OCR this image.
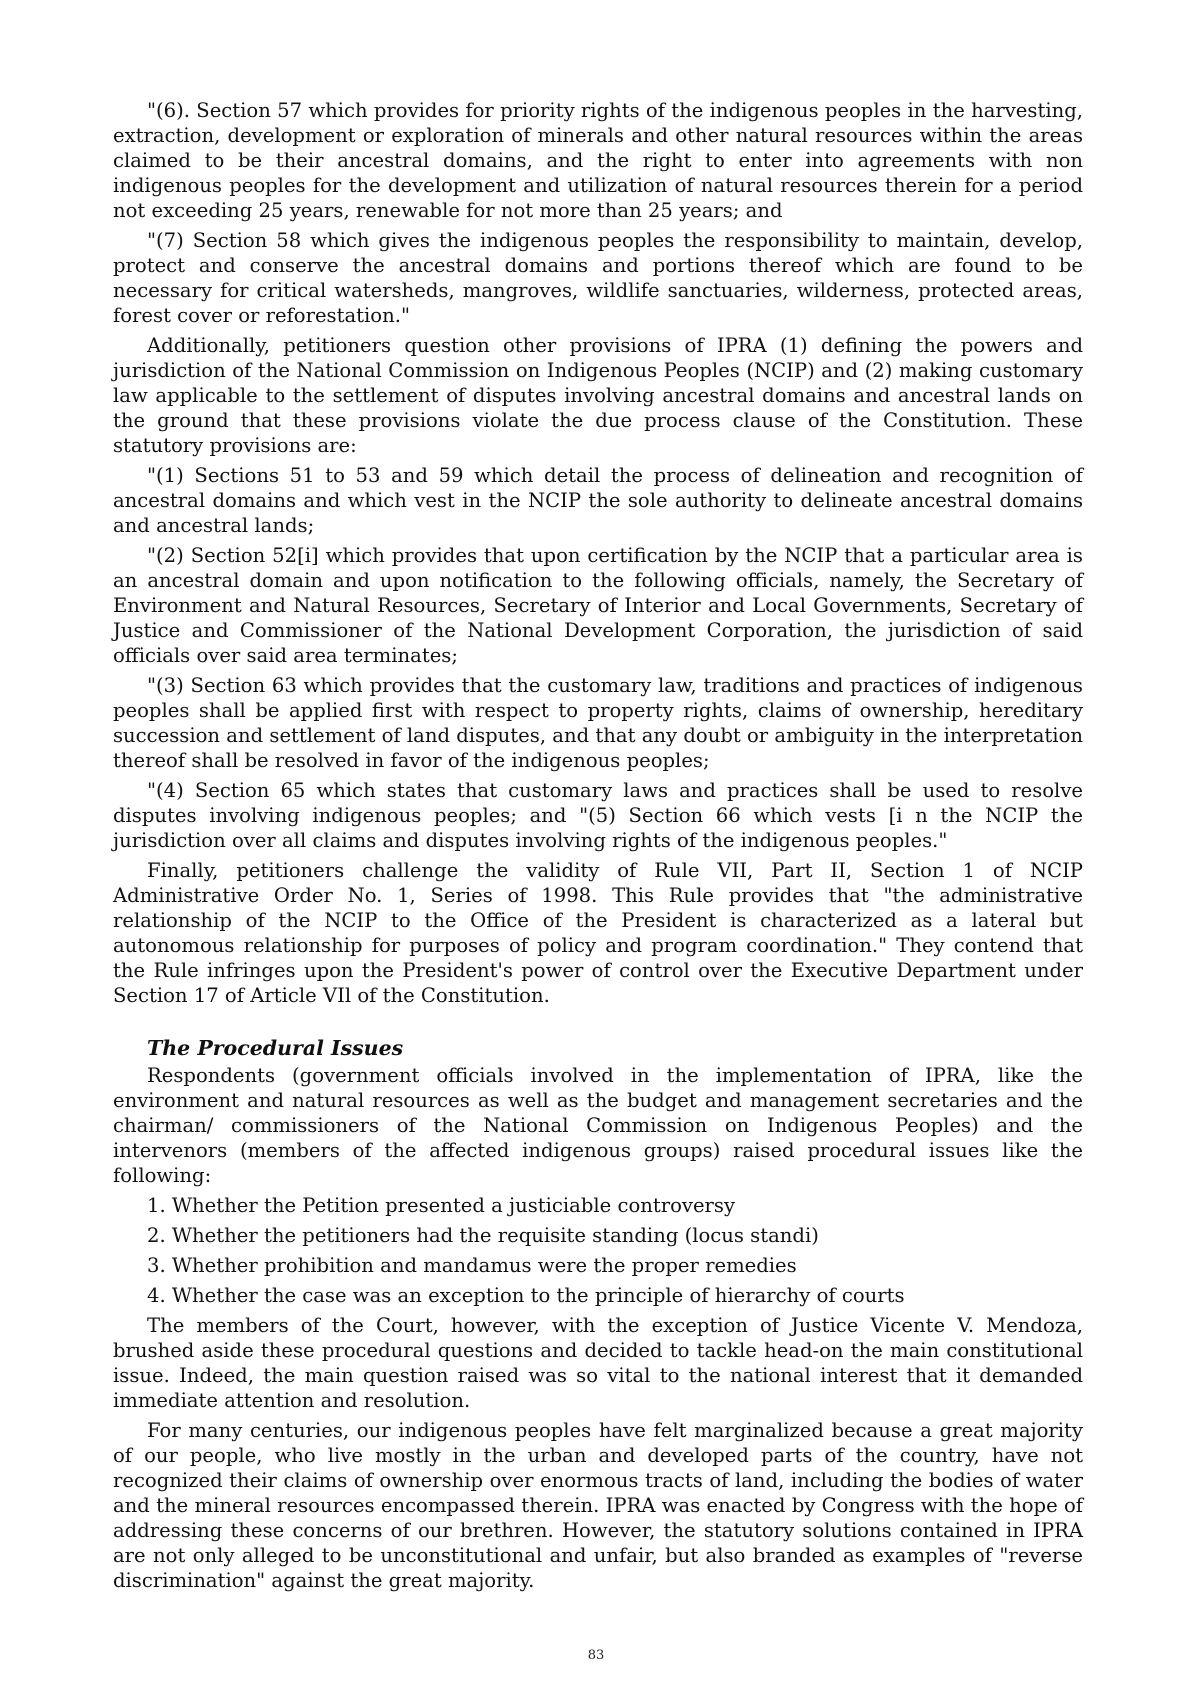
"(6). Section 57 which provides for priority rights of the indigenous peoples in the harvesting, extraction, development or exploration of minerals and other natural resources within the areas claimed to be their ancestral domains, and the right to enter into agreements with non indigenous peoples for the development and utilization of natural resources therein for a period not exceeding 25 years, renewable for not more than 25 years; and

"(7) Section 58 which gives the indigenous peoples the responsibility to maintain, develop, protect and conserve the ancestral domains and portions thereof which are found to be necessary for critical watersheds, mangroves, wildlife sanctuaries, wilderness, protected areas, forest cover or reforestation."

Additionally, petitioners question other provisions of IPRA (1) defining the powers and jurisdiction of the National Commission on Indigenous Peoples (NCIP) and (2) making customary law applicable to the settlement of disputes involving ancestral domains and ancestral lands on the ground that these provisions violate the due process clause of the Constitution. These statutory provisions are:

"(1) Sections 51 to 53 and 59 which detail the process of delineation and recognition of ancestral domains and which vest in the NCIP the sole authority to delineate ancestral domains and ancestral lands;

"(2) Section 52[i] which provides that upon certification by the NCIP that a particular area is an ancestral domain and upon notification to the following officials, namely, the Secretary of Environment and Natural Resources, Secretary of Interior and Local Governments, Secretary of Justice and Commissioner of the National Development Corporation, the jurisdiction of said officials over said area terminates;

"(3) Section 63 which provides that the customary law, traditions and practices of indigenous peoples shall be applied first with respect to property rights, claims of ownership, hereditary succession and settlement of land disputes, and that any doubt or ambiguity in the interpretation thereof shall be resolved in favor of the indigenous peoples;

"(4) Section 65 which states that customary laws and practices shall be used to resolve disputes involving indigenous peoples; and "(5) Section 66 which vests [i n the NCIP the jurisdiction over all claims and disputes involving rights of the indigenous peoples."

Finally, petitioners challenge the validity of Rule VII, Part II, Section 1 of NCIP Administrative Order No. 1, Series of 1998. This Rule provides that "the administrative relationship of the NCIP to the Office of the President is characterized as a lateral but autonomous relationship for purposes of policy and program coordination." They contend that the Rule infringes upon the President's power of control over the Executive Department under Section 17 of Article VIl of the Constitution.

The Procedural Issues

Respondents (government officials involved in the implementation of IPRA, like the environment and natural resources as well as the budget and management secretaries and the chairman/ commissioners of the National Commission on Indigenous Peoples) and the intervenors (members of the affected indigenous groups) raised procedural issues like the following:

1. Whether the Petition presented a justiciable controversy
2. Whether the petitioners had the requisite standing (locus standi)
3. Whether prohibition and mandamus were the proper remedies
4. Whether the case was an exception to the principle of hierarchy of courts

The members of the Court, however, with the exception of Justice Vicente V. Mendoza, brushed aside these procedural questions and decided to tackle head-on the main constitutional issue. Indeed, the main question raised was so vital to the national interest that it demanded immediate attention and resolution.

For many centuries, our indigenous peoples have felt marginalized because a great majority of our people, who live mostly in the urban and developed parts of the country, have not recognized their claims of ownership over enormous tracts of land, including the bodies of water and the mineral resources encompassed therein. IPRA was enacted by Congress with the hope of addressing these concerns of our brethren. However, the statutory solutions contained in IPRA are not only alleged to be unconstitutional and unfair, but also branded as examples of "reverse discrimination" against the great majority.

83
